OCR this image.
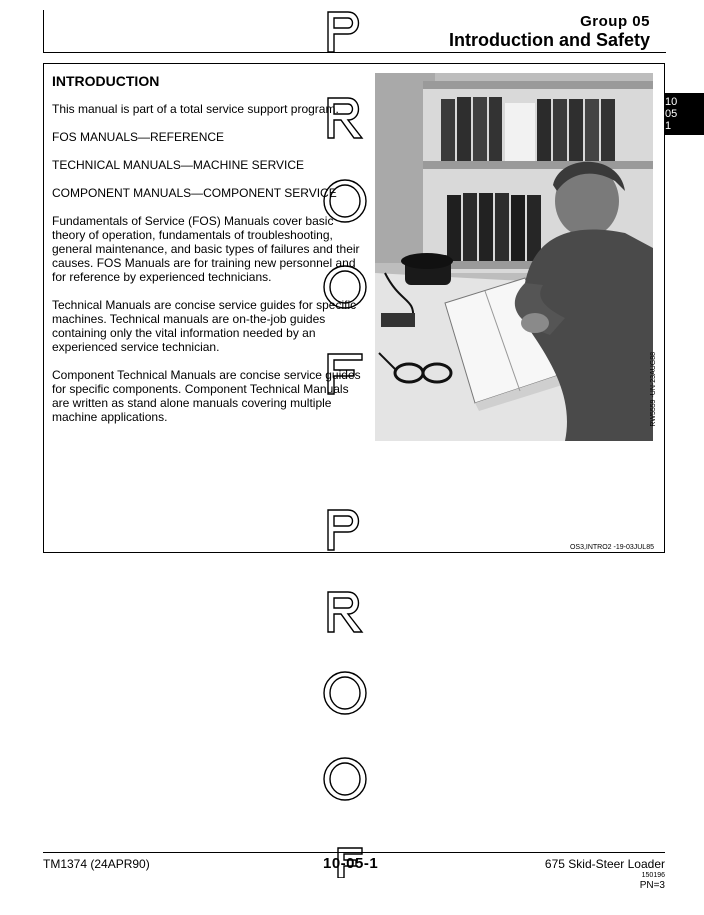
Group 05
Introduction and Safety
10
05
1
INTRODUCTION

This manual is part of a total service support program.

FOS MANUALS—REFERENCE

TECHNICAL MANUALS—MACHINE SERVICE

COMPONENT MANUALS—COMPONENT SERVICE

Fundamentals of Service (FOS) Manuals cover basic theory of operation, fundamentals of troubleshooting, general maintenance, and basic types of failures and their causes. FOS Manuals are for training new personnel and for reference by experienced technicians.

Technical Manuals are concise service guides for specific machines. Technical manuals are on-the-job guides containing only the vital information needed by an experienced service technician.

Component Technical Manuals are concise service guides for specific components. Component Technical Manuals are written as stand alone manuals covering multiple machine applications.	RW5559 -UN-23AUG88
OS3,INTRO2 -19-03JUL85
TM1374 (24APR90)	10-05-1	675 Skid-Steer Loader
150196
PN=3
